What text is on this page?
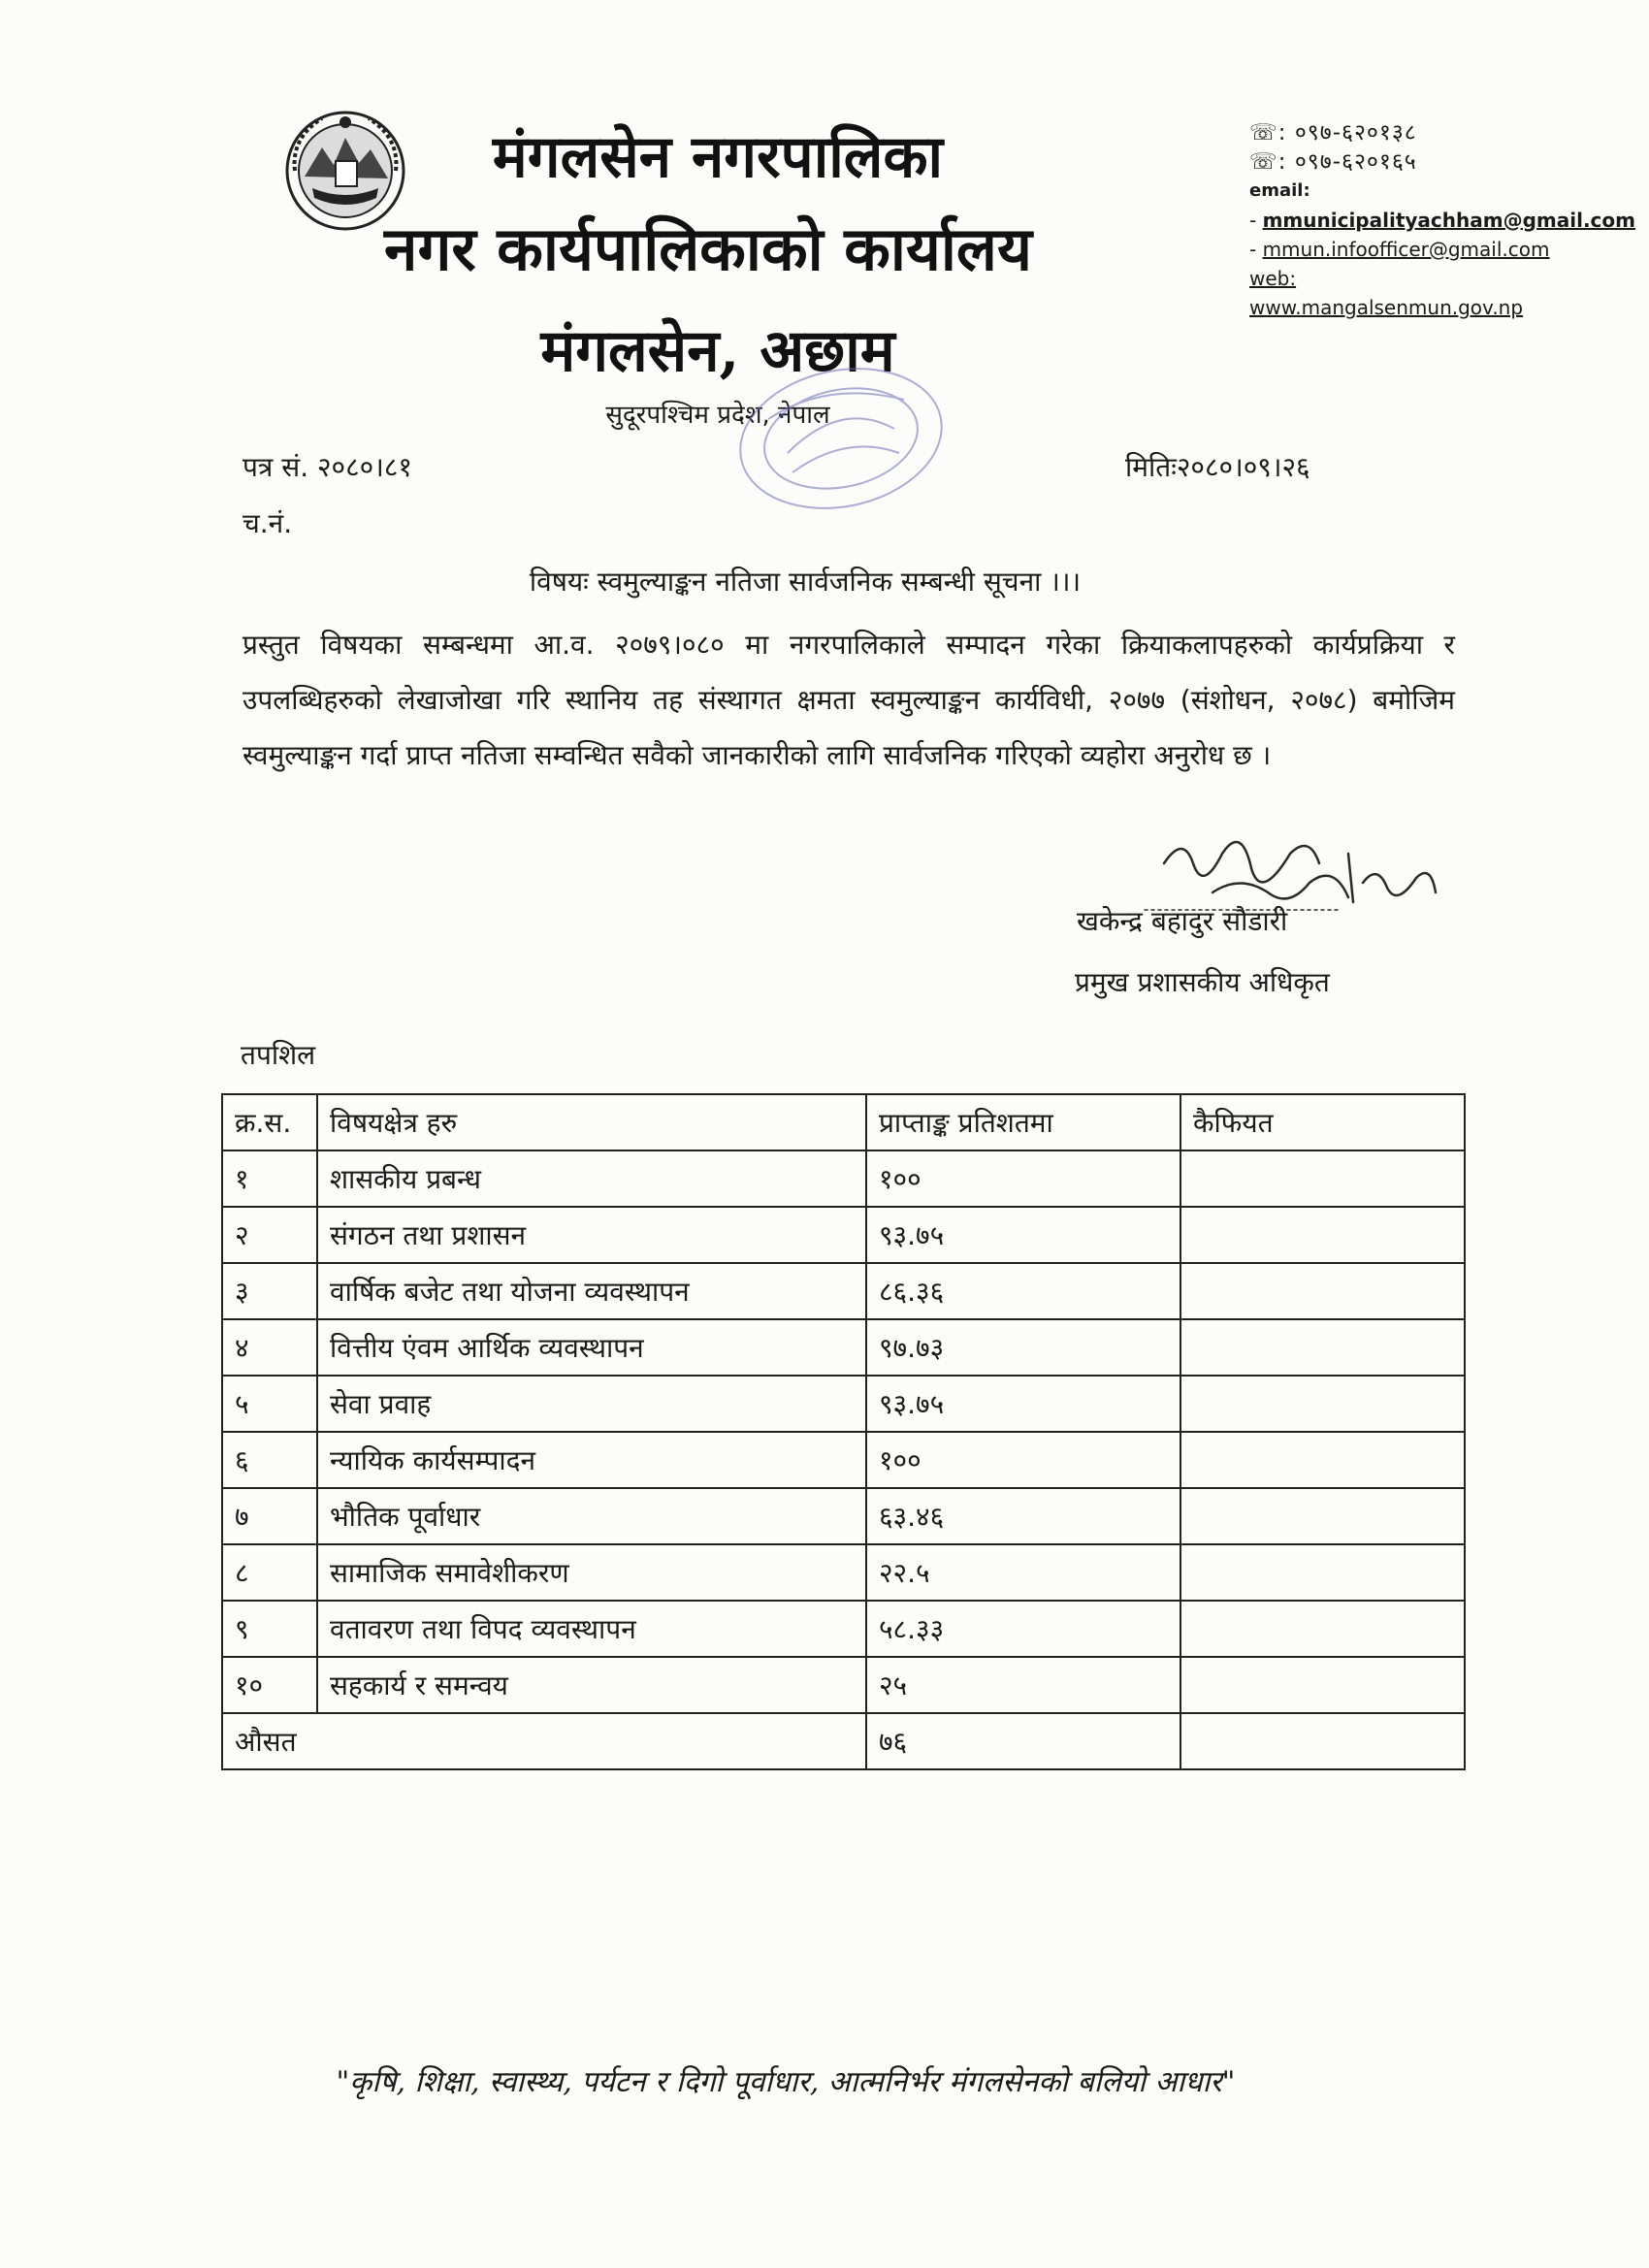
मंगलसेन नगरपालिका
नगर कार्यपालिकाको कार्यालय
मंगलसेन, अछाम
सुदूरपश्चिम प्रदेश, नेपाल
☏: ०९७-६२०१३८
☏: ०९७-६२०१६५
email:
- mmunicipalityachham@gmail.com
- mmun.infoofficer@gmail.com
web:
www.mangalsenmun.gov.np
पत्र सं. २०८०।८१	मितिः२०८०।०९।२६
च.नं.
विषयः स्वमुल्याङ्कन नतिजा सार्वजनिक सम्बन्धी सूचना ।।।
प्रस्तुत विषयका सम्बन्धमा आ.व. २०७९।०८० मा नगरपालिकाले सम्पादन गरेका क्रियाकलापहरुको कार्यप्रक्रिया र उपलब्धिहरुको लेखाजोखा गरि स्थानिय तह संस्थागत क्षमता स्वमुल्याङ्कन कार्यविधी, २०७७ (संशोधन, २०७८) बमोजिम स्वमुल्याङ्कन गर्दा प्राप्त नतिजा सम्वन्धित सवैको जानकारीको लागि सार्वजनिक गरिएको व्यहोरा अनुरोध छ ।
खकेन्द्र बहादुर सौडारी
प्रमुख प्रशासकीय अधिकृत
तपशिल
क्र.स.	विषयक्षेत्र हरु	प्राप्ताङ्क प्रतिशतमा	कैफियत
१	शासकीय प्रबन्ध	१००	
२	संगठन तथा प्रशासन	९३.७५	
३	वार्षिक बजेट तथा योजना व्यवस्थापन	८६.३६	
४	वित्तीय एंवम आर्थिक व्यवस्थापन	९७.७३	
५	सेवा प्रवाह	९३.७५	
६	न्यायिक कार्यसम्पादन	१००	
७	भौतिक पूर्वाधार	६३.४६	
८	सामाजिक समावेशीकरण	२२.५	
९	वतावरण तथा विपद व्यवस्थापन	५८.३३	
१०	सहकार्य र समन्वय	२५	
औसत		७६	
"कृषि, शिक्षा, स्वास्थ्य, पर्यटन र दिगो पूर्वाधार, आत्मनिर्भर मंगलसेनको बलियो आधार"
